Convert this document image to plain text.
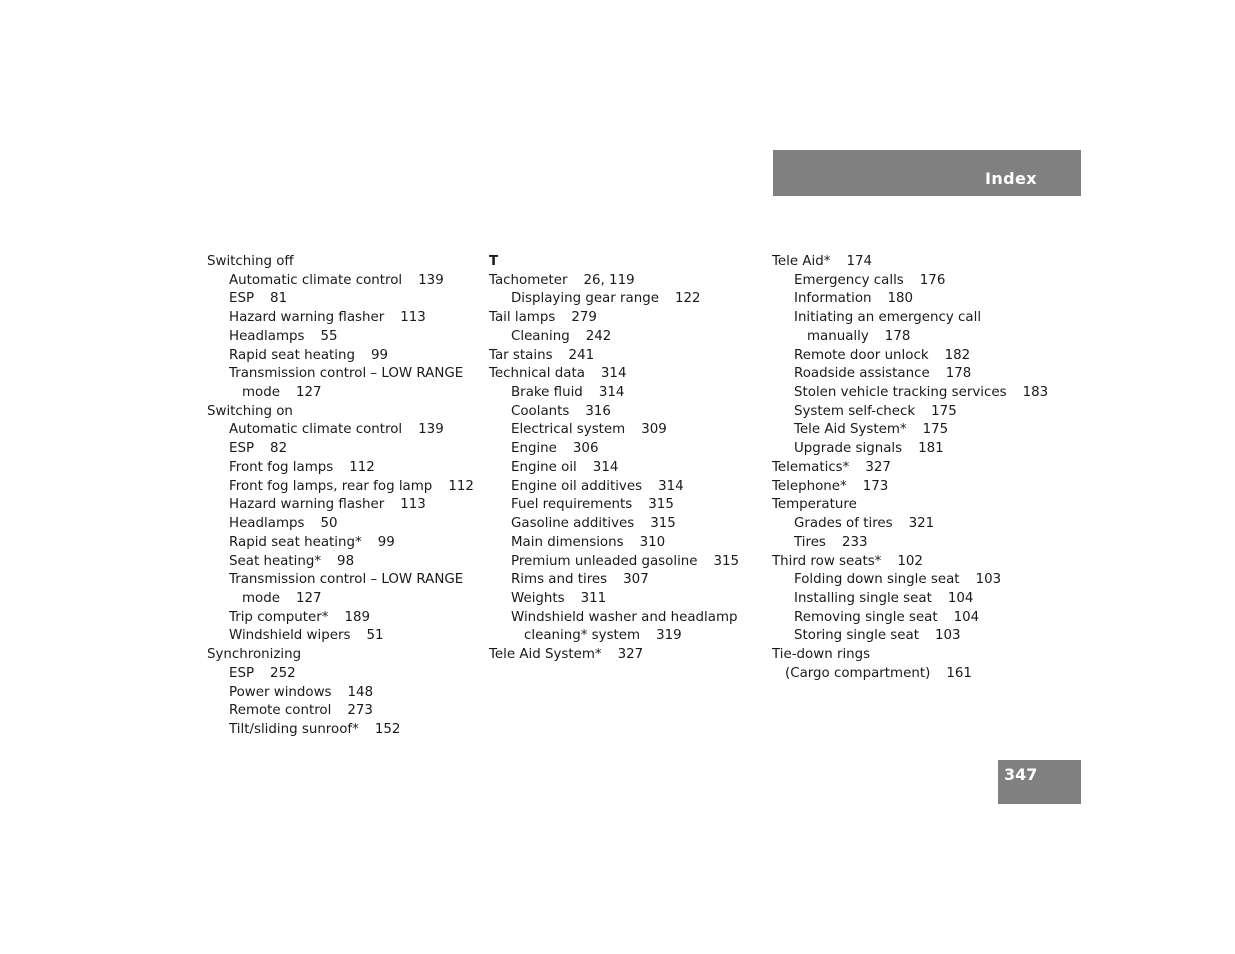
Index
Switching off
Automatic climate control 139
ESP 81
Hazard warning flasher 113
Headlamps 55
Rapid seat heating 99
Transmission control – LOW RANGE
mode 127
Switching on
Automatic climate control 139
ESP 82
Front fog lamps 112
Front fog lamps, rear fog lamp 112
Hazard warning flasher 113
Headlamps 50
Rapid seat heating* 99
Seat heating* 98
Transmission control – LOW RANGE
mode 127
Trip computer* 189
Windshield wipers 51
Synchronizing
ESP 252
Power windows 148
Remote control 273
Tilt/sliding sunroof* 152
T
Tachometer 26, 119
Displaying gear range 122
Tail lamps 279
Cleaning 242
Tar stains 241
Technical data 314
Brake fluid 314
Coolants 316
Electrical system 309
Engine 306
Engine oil 314
Engine oil additives 314
Fuel requirements 315
Gasoline additives 315
Main dimensions 310
Premium unleaded gasoline 315
Rims and tires 307
Weights 311
Windshield washer and headlamp
cleaning* system 319
Tele Aid System* 327
Tele Aid* 174
Emergency calls 176
Information 180
Initiating an emergency call
manually 178
Remote door unlock 182
Roadside assistance 178
Stolen vehicle tracking services 183
System self-check 175
Tele Aid System* 175
Upgrade signals 181
Telematics* 327
Telephone* 173
Temperature
Grades of tires 321
Tires 233
Third row seats* 102
Folding down single seat 103
Installing single seat 104
Removing single seat 104
Storing single seat 103
Tie-down rings
(Cargo compartment) 161
347
